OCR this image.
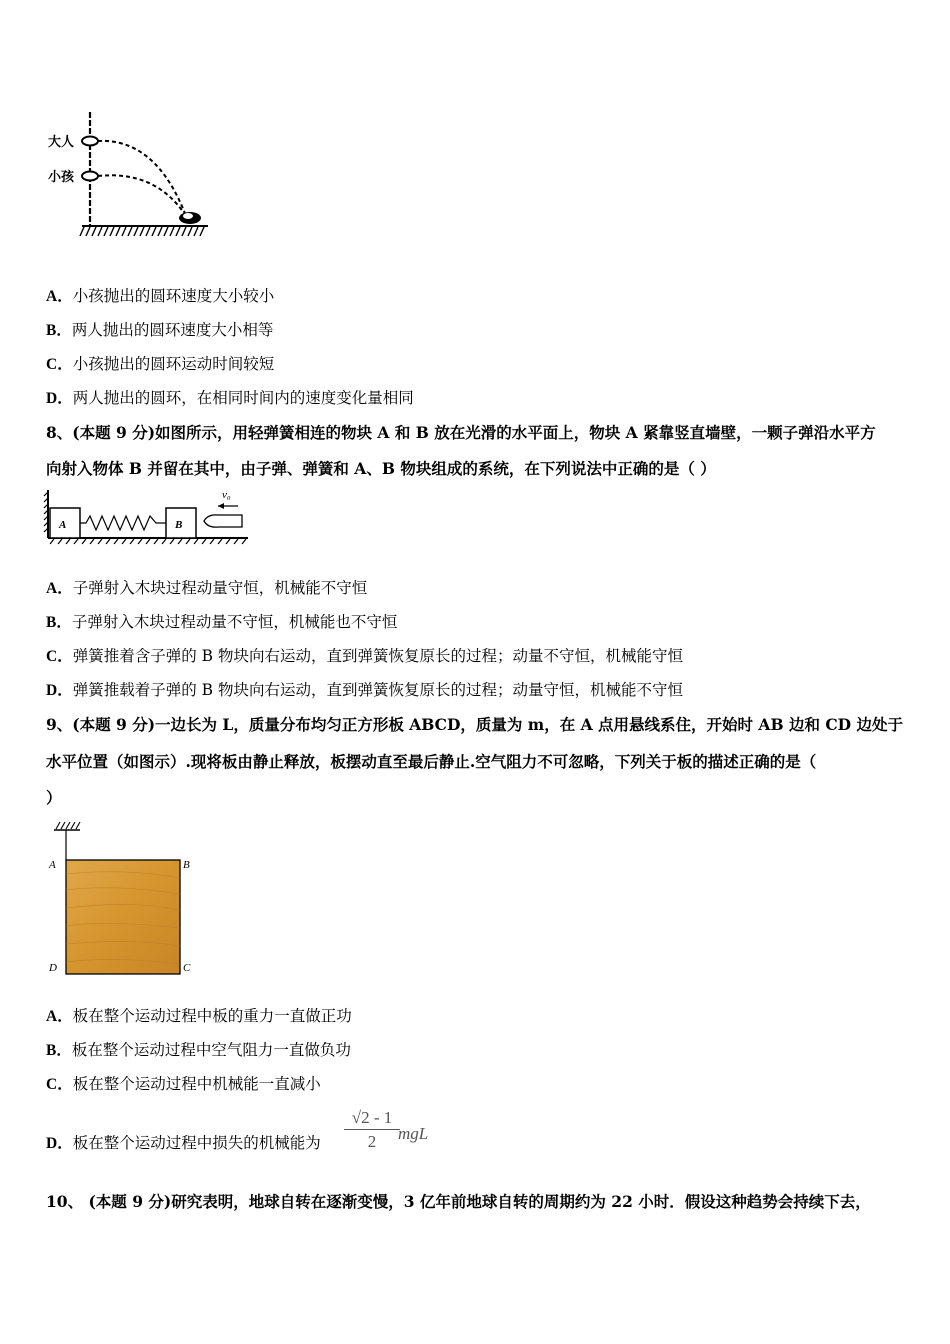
大人
小孩
A．小孩抛出的圆环速度大小较小
B．两人抛出的圆环速度大小相等
C．小孩抛出的圆环运动时间较短
D．两人抛出的圆环，在相同时间内的速度变化量相同
8、(本题 9 分)如图所示，用轻弹簧相连的物块 A 和 B 放在光滑的水平面上，物块 A 紧靠竖直墙壁，一颗子弹沿水平方
向射入物体 B 并留在其中，由子弹、弹簧和 A、B 物块组成的系统，在下列说法中正确的是（ ）
A	B
v₀
A．子弹射入木块过程动量守恒，机械能不守恒
B．子弹射入木块过程动量不守恒，机械能也不守恒
C．弹簧推着含子弹的 B 物块向右运动，直到弹簧恢复原长的过程；动量不守恒，机械能守恒
D．弹簧推载着子弹的 B 物块向右运动，直到弹簧恢复原长的过程；动量守恒，机械能不守恒
9、(本题 9 分)一边长为 L，质量分布均匀正方形板 ABCD，质量为 m，在 A 点用悬线系住，开始时 AB 边和 CD 边处于
水平位置（如图示）.现将板由静止释放，板摆动直至最后静止.空气阻力不可忽略，下列关于板的描述正确的是（
）
A	B
D	C
A．板在整个运动过程中板的重力一直做正功
B．板在整个运动过程中空气阻力一直做负功
C．板在整个运动过程中机械能一直减小
D．板在整个运动过程中损失的机械能为 $\frac{√2 - 1}{2}$
mgL
10、 (本题 9 分)研究表明，地球自转在逐渐变慢，3 亿年前地球自转的周期约为 22 小时．假设这种趋势会持续下去，
